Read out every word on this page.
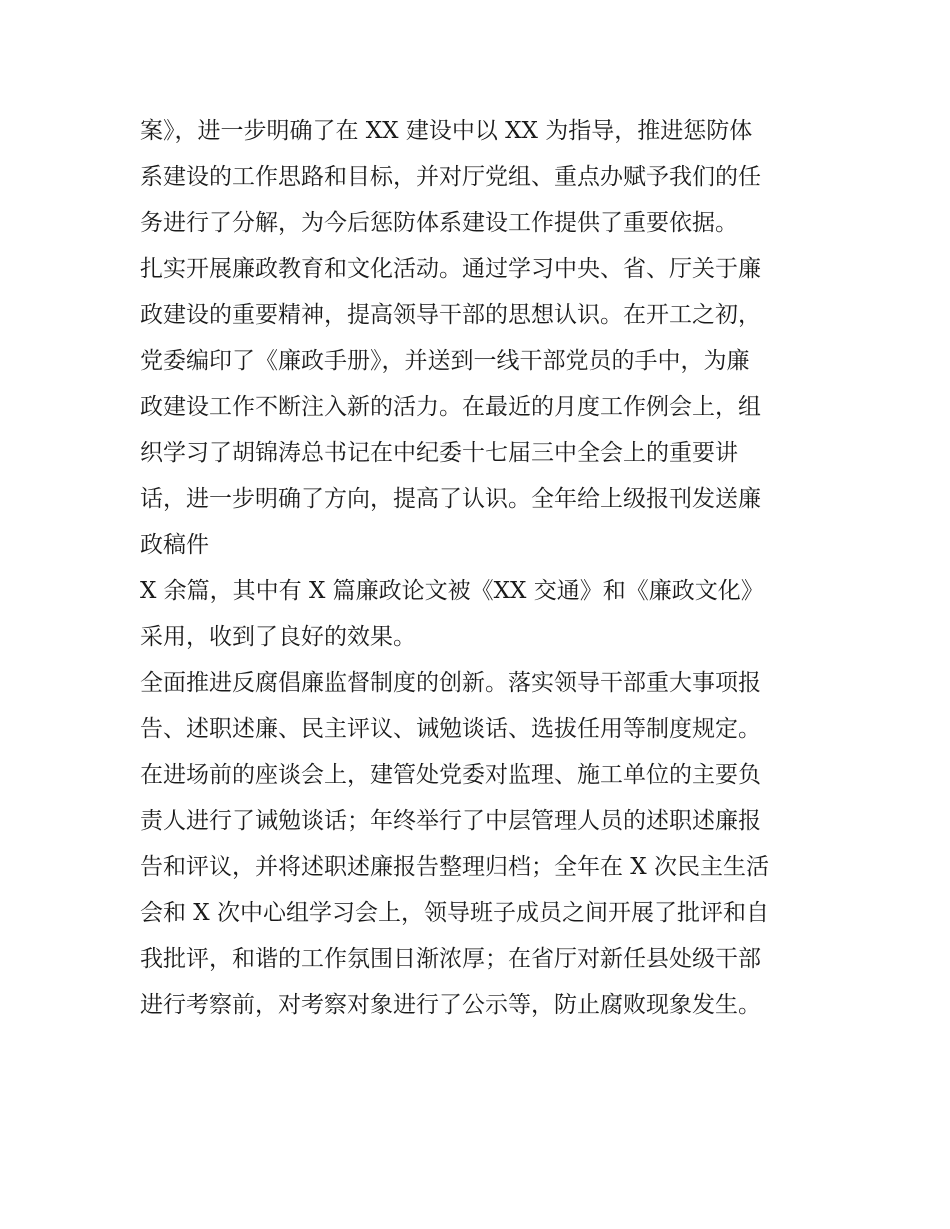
案》，进一步明确了在 XX 建设中以 XX 为指导，推进惩防体
系建设的工作思路和目标，并对厅党组、重点办赋予我们的任
务进行了分解，为今后惩防体系建设工作提供了重要依据。
扎实开展廉政教育和文化活动。通过学习中央、省、厅关于廉
政建设的重要精神，提高领导干部的思想认识。在开工之初，
党委编印了《廉政手册》，并送到一线干部党员的手中，为廉
政建设工作不断注入新的活力。在最近的月度工作例会上，组
织学习了胡锦涛总书记在中纪委十七届三中全会上的重要讲
话，进一步明确了方向，提高了认识。全年给上级报刊发送廉
政稿件
X 余篇，其中有 X 篇廉政论文被《XX 交通》和《廉政文化》
采用，收到了良好的效果。
全面推进反腐倡廉监督制度的创新。落实领导干部重大事项报
告、述职述廉、民主评议、诫勉谈话、选拔任用等制度规定。
在进场前的座谈会上，建管处党委对监理、施工单位的主要负
责人进行了诫勉谈话；年终举行了中层管理人员的述职述廉报
告和评议，并将述职述廉报告整理归档；全年在 X 次民主生活
会和 X 次中心组学习会上，领导班子成员之间开展了批评和自
我批评，和谐的工作氛围日渐浓厚；在省厅对新任县处级干部
进行考察前，对考察对象进行了公示等，防止腐败现象发生。
